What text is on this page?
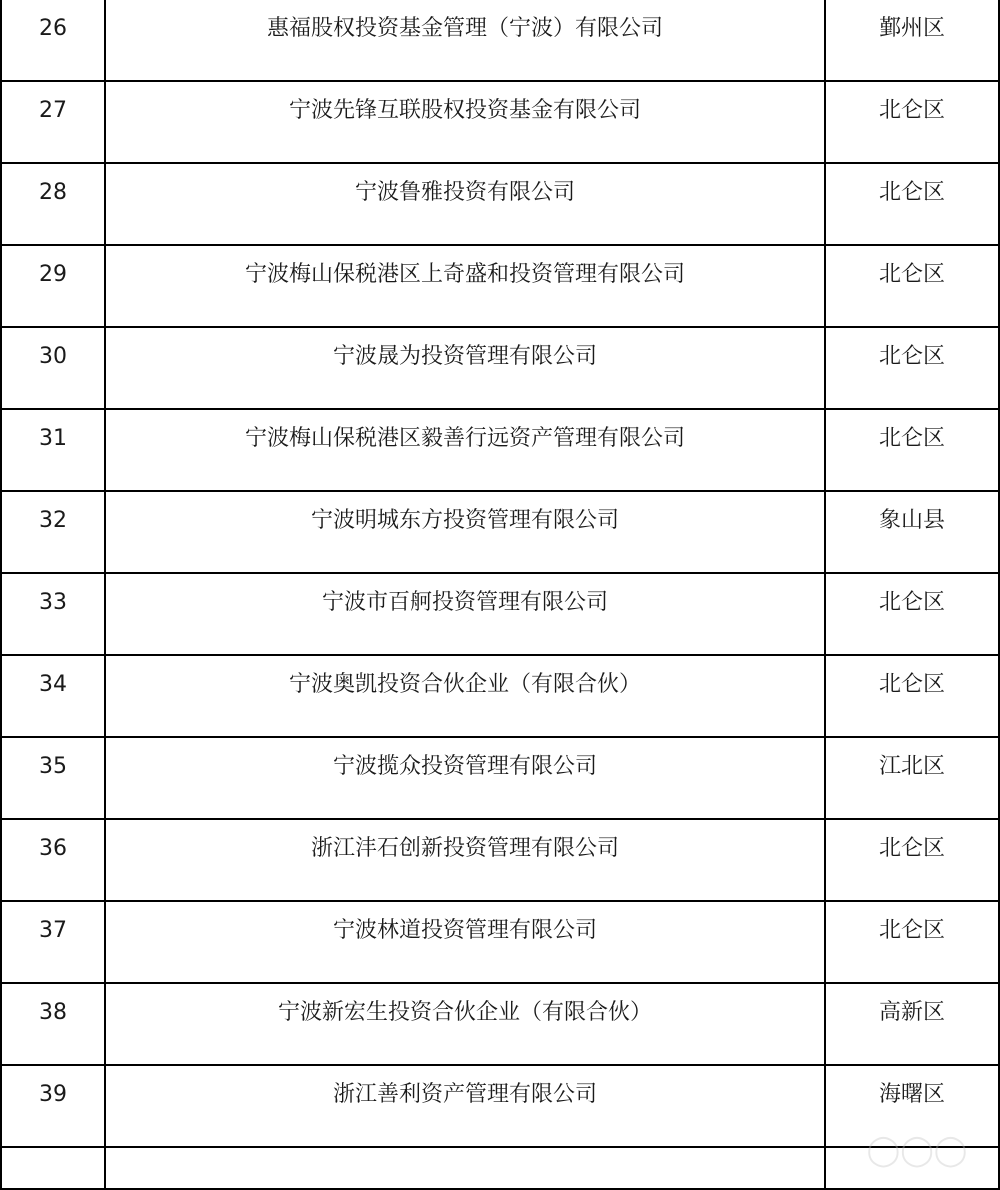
26	惠福股权投资基金管理（宁波）有限公司	鄞州区

27	宁波先锋互联股权投资基金有限公司	北仑区

28	宁波鲁雅投资有限公司	北仑区

29	宁波梅山保税港区上奇盛和投资管理有限公司	北仑区

30	宁波晟为投资管理有限公司	北仑区

31	宁波梅山保税港区毅善行远资产管理有限公司	北仑区

32	宁波明城东方投资管理有限公司	象山县

33	宁波市百舸投资管理有限公司	北仑区

34	宁波奥凯投资合伙企业（有限合伙）	北仑区

35	宁波揽众投资管理有限公司	江北区

36	浙江沣石创新投资管理有限公司	北仑区

37	宁波林道投资管理有限公司	北仑区

38	宁波新宏生投资合伙企业（有限合伙）	高新区

39	浙江善利资产管理有限公司	海曙区

◯◯◯
